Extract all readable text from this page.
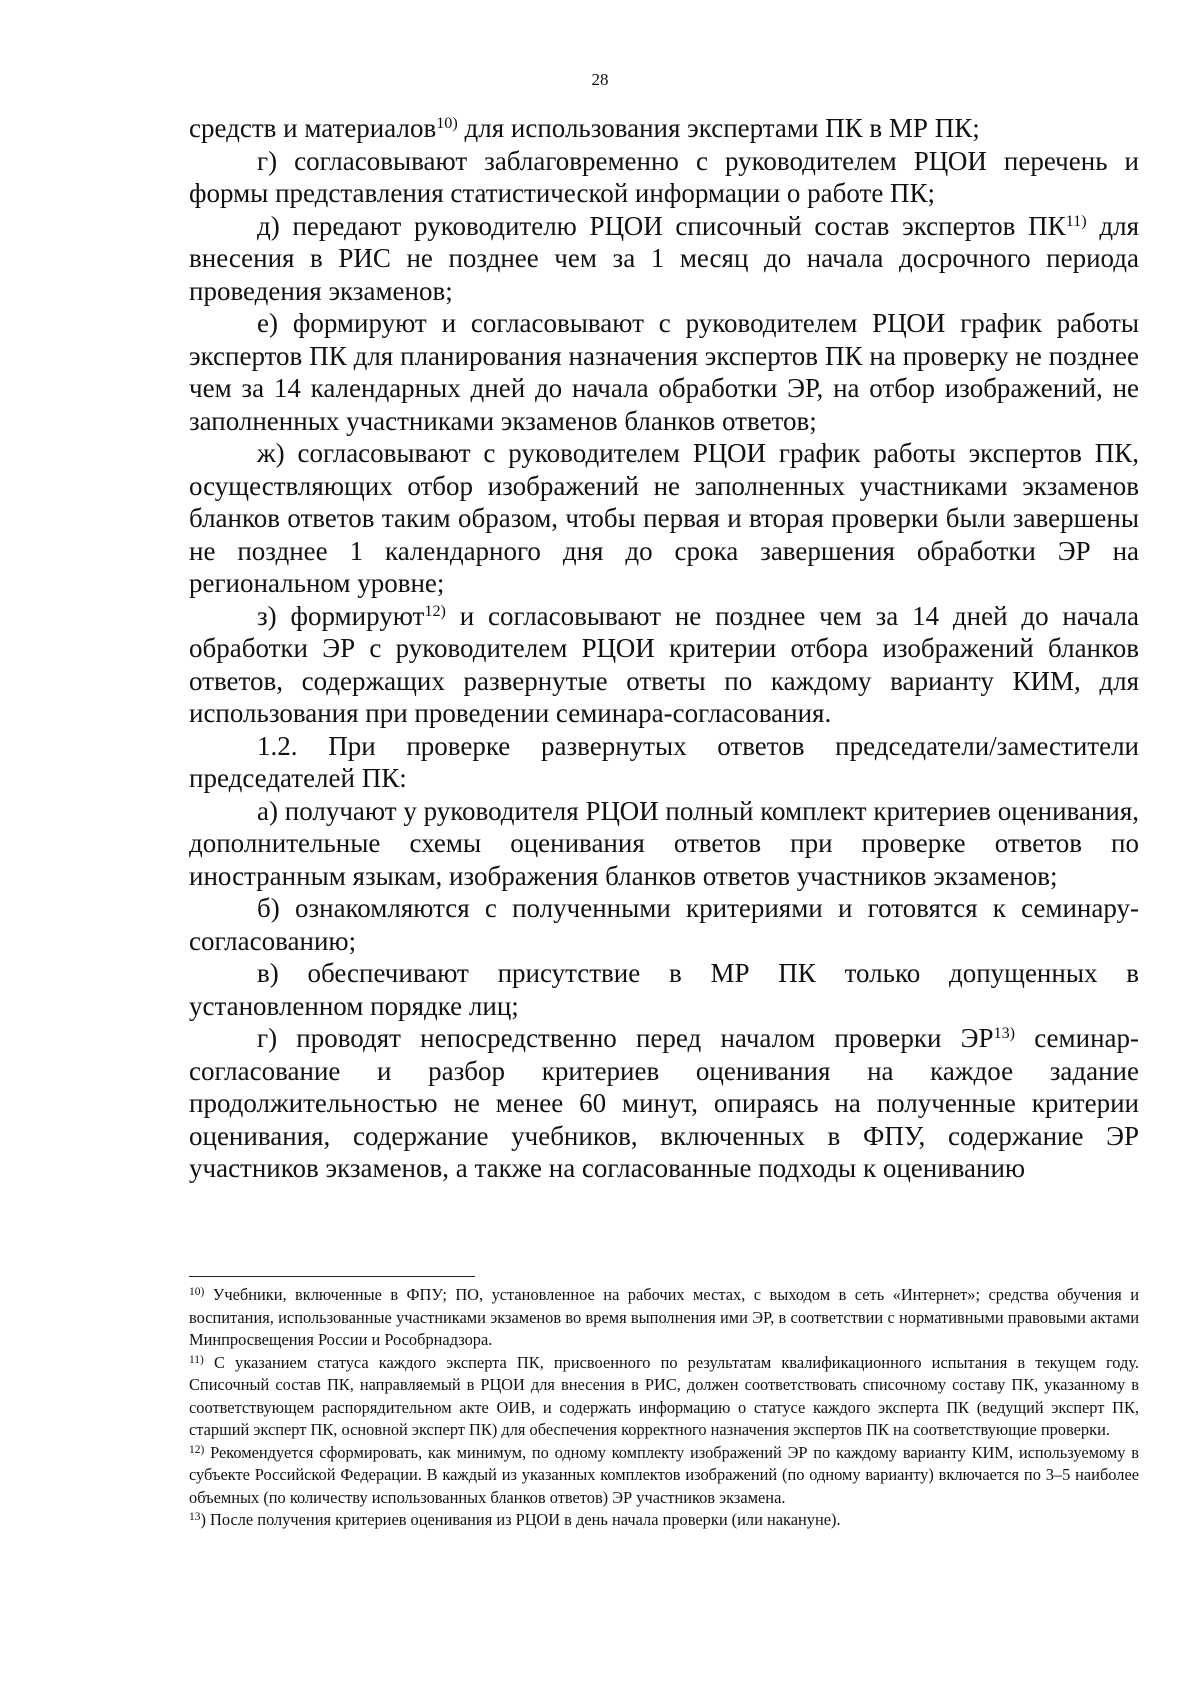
28

средств и материалов$^{10)}$ для использования экспертами ПК в МР ПК;

г) согласовывают заблаговременно с руководителем РЦОИ перечень и формы представления статистической информации о работе ПК;

д) передают руководителю РЦОИ списочный состав экспертов ПК$^{11)}$ для внесения в РИС не позднее чем за 1 месяц до начала досрочного периода проведения экзаменов;

е) формируют и согласовывают с руководителем РЦОИ график работы экспертов ПК для планирования назначения экспертов ПК на проверку не позднее чем за 14 календарных дней до начала обработки ЭР, на отбор изображений, не заполненных участниками экзаменов бланков ответов;

ж) согласовывают с руководителем РЦОИ график работы экспертов ПК, осуществляющих отбор изображений не заполненных участниками экзаменов бланков ответов таким образом, чтобы первая и вторая проверки были завершены не позднее 1 календарного дня до срока завершения обработки ЭР на региональном уровне;

з) формируют$^{12)}$ и согласовывают не позднее чем за 14 дней до начала обработки ЭР с руководителем РЦОИ критерии отбора изображений бланков ответов, содержащих развернутые ответы по каждому варианту КИМ, для использования при проведении семинара-согласования.

1.2. При проверке развернутых ответов председатели/заместители председателей ПК:

а) получают у руководителя РЦОИ полный комплект критериев оценивания, дополнительные схемы оценивания ответов при проверке ответов по иностранным языкам, изображения бланков ответов участников экзаменов;

б) ознакомляются с полученными критериями и готовятся к семинару-согласованию;

в) обеспечивают присутствие в МР ПК только допущенных в установленном порядке лиц;

г) проводят непосредственно перед началом проверки ЭР$^{13)}$ семинар-согласование и разбор критериев оценивания на каждое задание продолжительностью не менее 60 минут, опираясь на полученные критерии оценивания, содержание учебников, включенных в ФПУ, содержание ЭР участников экзаменов, а также на согласованные подходы к оцениванию

$^{10)}$ Учебники, включенные в ФПУ; ПО, установленное на рабочих местах, с выходом в сеть «Интернет»; средства обучения и воспитания, использованные участниками экзаменов во время выполнения ими ЭР, в соответствии с нормативными правовыми актами Минпросвещения России и Рособрнадзора.

$^{11)}$ С указанием статуса каждого эксперта ПК, присвоенного по результатам квалификационного испытания в текущем году. Списочный состав ПК, направляемый в РЦОИ для внесения в РИС, должен соответствовать списочному составу ПК, указанному в соответствующем распорядительном акте ОИВ, и содержать информацию о статусе каждого эксперта ПК (ведущий эксперт ПК, старший эксперт ПК, основной эксперт ПК) для обеспечения корректного назначения экспертов ПК на соответствующие проверки.

$^{12)}$ Рекомендуется сформировать, как минимум, по одному комплекту изображений ЭР по каждому варианту КИМ, используемому в субъекте Российской Федерации. В каждый из указанных комплектов изображений (по одному варианту) включается по 3–5 наиболее объемных (по количеству использованных бланков ответов) ЭР участников экзамена.

$^{13}$) После получения критериев оценивания из РЦОИ в день начала проверки (или накануне).
